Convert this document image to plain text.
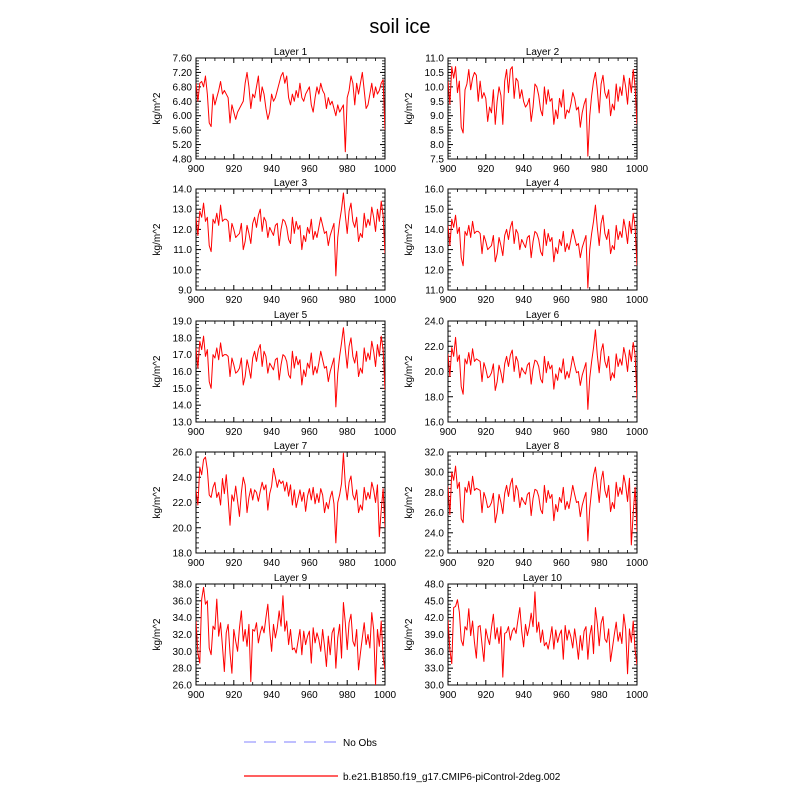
soil ice
Layer 1
kg/m^2
900 920 940 960 980 1000
4.80
5.20
5.60
6.00
6.40
6.80
7.20
7.60
Layer 2
kg/m^2
900 920 940 960 980 1000
7.5
8.0
8.5
9.0
9.5
10.0
10.5
11.0
Layer 3
kg/m^2
900 920 940 960 980 1000
9.0
10.0
11.0
12.0
13.0
14.0
Layer 4
kg/m^2
900 920 940 960 980 1000
11.0
12.0
13.0
14.0
15.0
16.0
Layer 5
kg/m^2
900 920 940 960 980 1000
13.0
14.0
15.0
16.0
17.0
18.0
19.0
Layer 6
kg/m^2
900 920 940 960 980 1000
16.0
18.0
20.0
22.0
24.0
Layer 7
kg/m^2
900 920 940 960 980 1000
18.0
20.0
22.0
24.0
26.0
Layer 8
kg/m^2
900 920 940 960 980 1000
22.0
24.0
26.0
28.0
30.0
32.0
Layer 9
kg/m^2
900 920 940 960 980 1000
26.0
28.0
30.0
32.0
34.0
36.0
38.0
Layer 10
kg/m^2
900 920 940 960 980 1000
30.0
33.0
36.0
39.0
42.0
45.0
48.0
No Obs
b.e21.B1850.f19_g17.CMIP6-piControl-2deg.002
